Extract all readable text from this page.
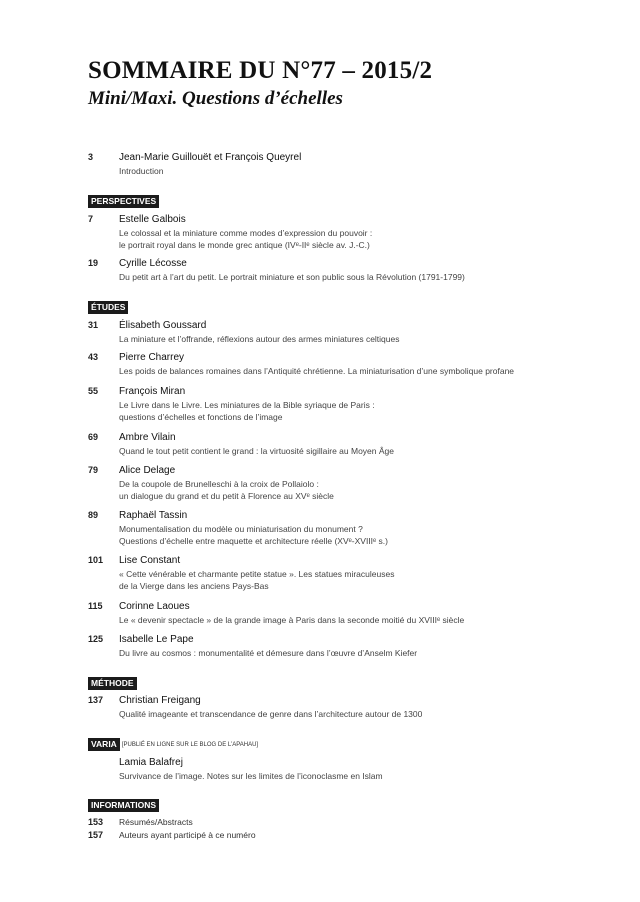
SOMMAIRE DU N°77 – 2015/2
Mini/Maxi. Questions d’échelles
3	Jean-Marie Guillouët et François Queyrel
Introduction
PERSPECTIVES
7	Estelle Galbois
Le colossal et la miniature comme modes d’expression du pouvoir :
le portrait royal dans le monde grec antique (IVᵉ-IIᵉ siècle av. J.-C.)
19 Cyrille Lécosse
Du petit art à l’art du petit. Le portrait miniature et son public sous la Révolution (1791-1799)
ÉTUDES
31 Élisabeth Goussard
La miniature et l’offrande, réflexions autour des armes miniatures celtiques
43 Pierre Charrey
Les poids de balances romaines dans l’Antiquité chrétienne. La miniaturisation d’une symbolique profane
55 François Miran
Le Livre dans le Livre. Les miniatures de la Bible syriaque de Paris :
questions d’échelles et fonctions de l’image
69 Ambre Vilain
Quand le tout petit contient le grand : la virtuosité sigillaire au Moyen Âge
79 Alice Delage
De la coupole de Brunelleschi à la croix de Pollaiolo :
un dialogue du grand et du petit à Florence au XVᵉ siècle
89 Raphaël Tassin
Monumentalisation du modèle ou miniaturisation du monument ?
Questions d’échelle entre maquette et architecture réelle (XVᵉ-XVIIIᵉ s.)
101 Lise Constant
« Cette vénérable et charmante petite statue ». Les statues miraculeuses
de la Vierge dans les anciens Pays-Bas
115 Corinne Laoues
Le « devenir spectacle » de la grande image à Paris dans la seconde moitié du XVIIIᵉ siècle
125 Isabelle Le Pape
Du livre au cosmos : monumentalité et démesure dans l’œuvre d’Anselm Kiefer
MÉTHODE
137 Christian Freigang
Qualité imageante et transcendance de genre dans l’architecture autour de 1300
VARIA [PUBLIÉ EN LIGNE SUR LE BLOG DE L’APAHAU]
Lamia Balafrej
Survivance de l’image. Notes sur les limites de l’iconoclasme en Islam
INFORMATIONS
153 Résumés/Abstracts
157 Auteurs ayant participé à ce numéro
